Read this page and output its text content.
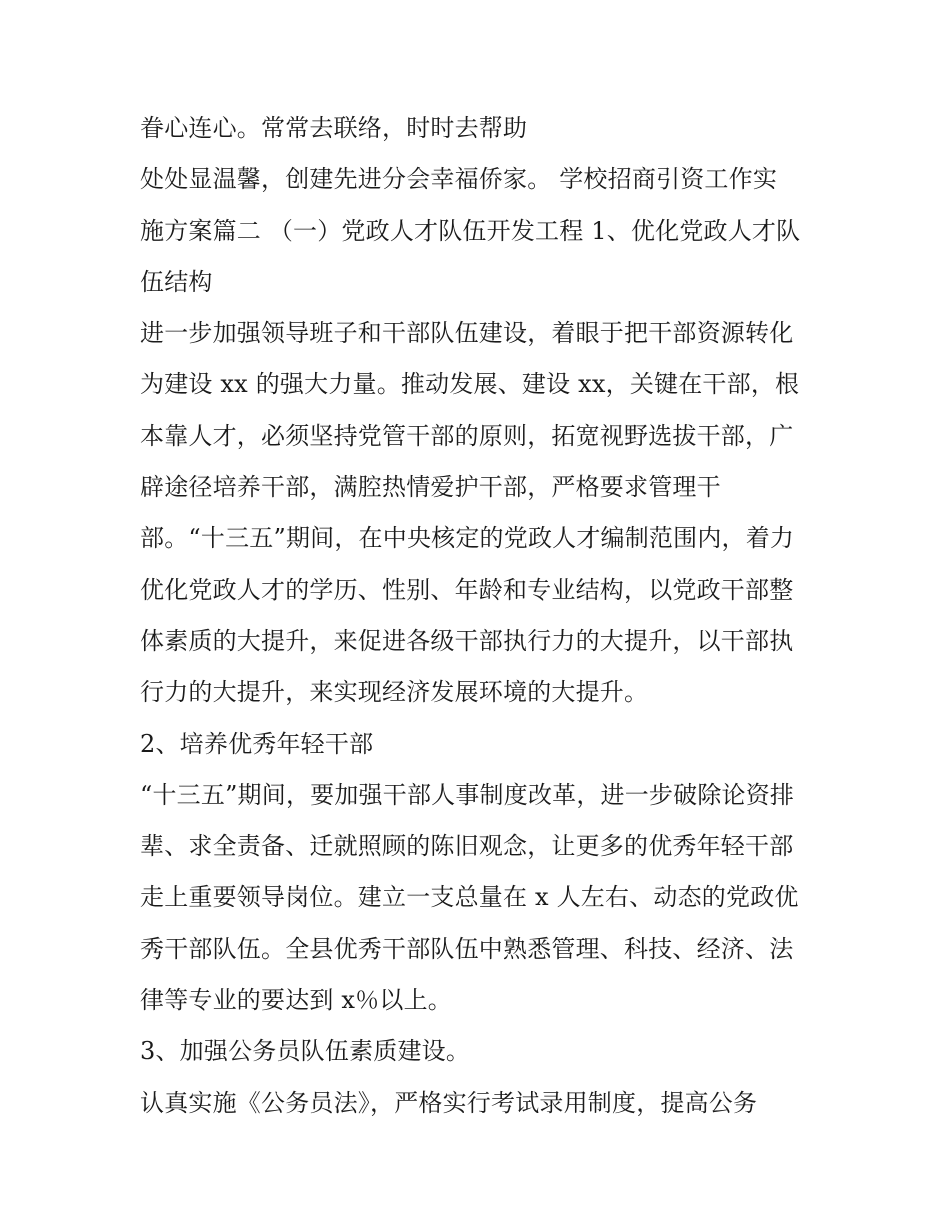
眷心连心。常常去联络，时时去帮助
处处显温馨，创建先进分会幸福侨家。 学校招商引资工作实
施方案篇二 （一）党政人才队伍开发工程 1、优化党政人才队
伍结构
进一步加强领导班子和干部队伍建设，着眼于把干部资源转化
为建设 xx 的强大力量。推动发展、建设 xx，关键在干部，根
本靠人才，必须坚持党管干部的原则，拓宽视野选拔干部，广
辟途径培养干部，满腔热情爱护干部，严格要求管理干
部。“十三五”期间，在中央核定的党政人才编制范围内，着力
优化党政人才的学历、性别、年龄和专业结构，以党政干部整
体素质的大提升，来促进各级干部执行力的大提升，以干部执
行力的大提升，来实现经济发展环境的大提升。
2、培养优秀年轻干部
“十三五”期间，要加强干部人事制度改革，进一步破除论资排
辈、求全责备、迁就照顾的陈旧观念，让更多的优秀年轻干部
走上重要领导岗位。建立一支总量在 x 人左右、动态的党政优
秀干部队伍。全县优秀干部队伍中熟悉管理、科技、经济、法
律等专业的要达到 x％以上。
3、加强公务员队伍素质建设。
认真实施《公务员法》，严格实行考试录用制度，提高公务
